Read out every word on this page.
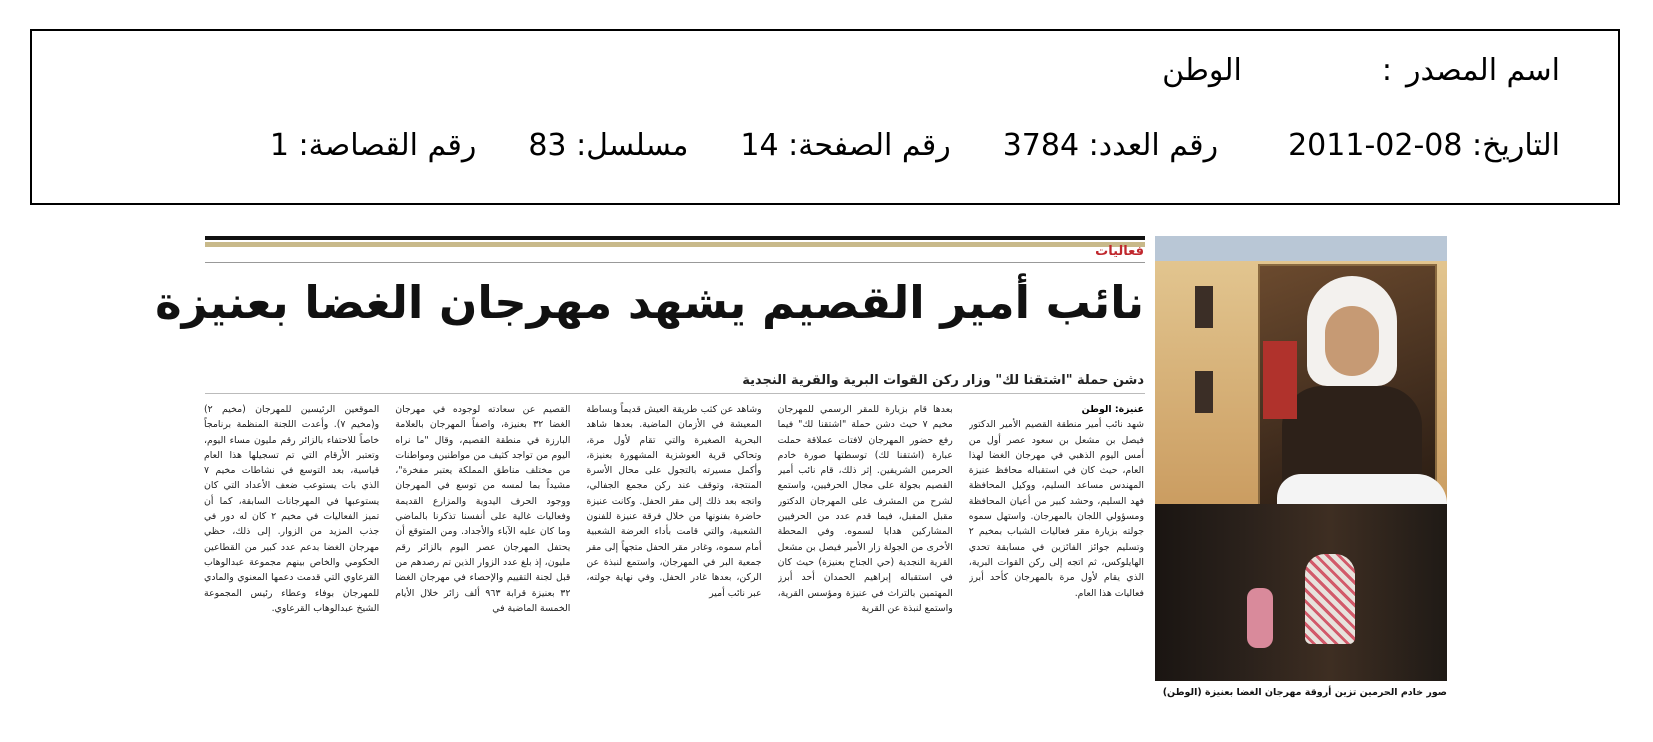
اسم المصدر
:
الوطن
التاريخ: 08-02-2011
رقم العدد: 3784
رقم الصفحة: 14
مسلسل: 83
رقم القصاصة: 1
فعاليات
نائب أمير القصيم يشهد مهرجان الغضا بعنيزة
دشن حملة "اشتقنا لك" وزار ركن القوات البرية والقرية النجدية
عنيزة: الوطن
شهد نائب أمير منطقة القصيم الأمير الدكتور فيصل بن مشعل بن سعود عصر أول من أمس اليوم الذهبي في مهرجان الغضا لهذا العام، حيث كان في استقباله محافظ عنيزة المهندس مساعد السليم، ووكيل المحافظة فهد السليم، وحشد كبير من أعيان المحافظة ومسؤولي اللجان بالمهرجان. واستهل سموه جولته بزيارة مقر فعاليات الشباب بمخيم ٢ وتسليم جوائز الفائزين في مسابقة تحدي الهايلوكس، ثم اتجه إلى ركن القوات البرية، الذي يقام لأول مرة بالمهرجان كأحد أبرز فعاليات هذا العام.
بعدها قام بزيارة للمقر الرسمي للمهرجان مخيم ٧ حيث دشن حملة "اشتقنا لك" فيما رفع حضور المهرجان لافتات عملاقة حملت عبارة (اشتقنا لك) توسطتها صورة خادم الحرمين الشريفين. إثر ذلك، قام نائب أمير القصيم بجولة على مجال الحرفيين، واستمع لشرح من المشرف على المهرجان الدكتور مقبل المقبل، فيما قدم عدد من الحرفيين المشاركين هدايا لسموه. وفي المحطة الأخرى من الجولة زار الأمير فيصل بن مشعل القرية النجدية (حي الجناح بعنيزة) حيث كان في استقباله إبراهيم الحمدان أحد أبرز المهتمين بالتراث في عنيزة ومؤسس القرية، واستمع لنبذة عن القرية
وشاهد عن كثب طريقة العيش قديماً وبساطة المعيشة في الأزمان الماضية. بعدها شاهد البحرية الصغيرة والتي تقام لأول مرة، وتحاكي قرية العوشزية المشهورة بعنيزة، وأكمل مسيرته بالتجول على محال الأسرة المنتجة، وتوقف عند ركن مجمع الجفالي، واتجه بعد ذلك إلى مقر الحفل. وكانت عنيزة حاضرة بفنونها من خلال فرقة عنيزة للفنون الشعبية، والتي قامت بأداء العرضة الشعبية أمام سموه، وغادر مقر الحفل متجهاً إلى مقر جمعية البر في المهرجان، واستمع لنبذة عن الركن، بعدها غادر الحفل. وفي نهاية جولته، عبر نائب أمير
القصيم عن سعادته لوجوده في مهرجان الغضا ٣٢ بعنيزة، واصفاً المهرجان بالعلامة البارزة في منطقة القصيم، وقال "ما نراه اليوم من تواجد كثيف من مواطنين ومواطنات من مختلف مناطق المملكة يعتبر مفخرة"، مشيداً بما لمسه من توسع في المهرجان ووجود الحرف اليدوية والمزارع القديمة وفعاليات غالية على أنفسنا تذكرنا بالماضي وما كان عليه الآباء والأجداد. ومن المتوقع أن يحتفل المهرجان عصر اليوم بالزائر رقم مليون، إذ بلغ عدد الزوار الذين تم رصدهم من قبل لجنة التقييم والإحصاء في مهرجان الغضا ٣٢ بعنيزة قرابة ٩٦٣ ألف زائر خلال الأيام الخمسة الماضية في
الموقعين الرئيسين للمهرجان (مخيم ٢) و(مخيم ٧). وأعدت اللجنة المنظمة برنامجاً خاصاً للاحتفاء بالزائر رقم مليون مساء اليوم، وتعتبر الأرقام التي تم تسجيلها هذا العام قياسية، بعد التوسع في نشاطات مخيم ٧ الذي بات يستوعب ضعف الأعداد التي كان يستوعبها في المهرجانات السابقة، كما أن تميز الفعاليات في مخيم ٢ كان له دور في جذب المزيد من الزوار. إلى ذلك، حظي مهرجان الغضا بدعم عدد كبير من القطاعين الحكومي والخاص بينهم مجموعة عبدالوهاب القرعاوي التي قدمت دعمها المعنوي والمادي للمهرجان بوفاء وعطاء رئيس المجموعة الشيخ عبدالوهاب القرعاوي.
صور خادم الحرمين تزين أروقة مهرجان الغضا بعنيزة (الوطن)
